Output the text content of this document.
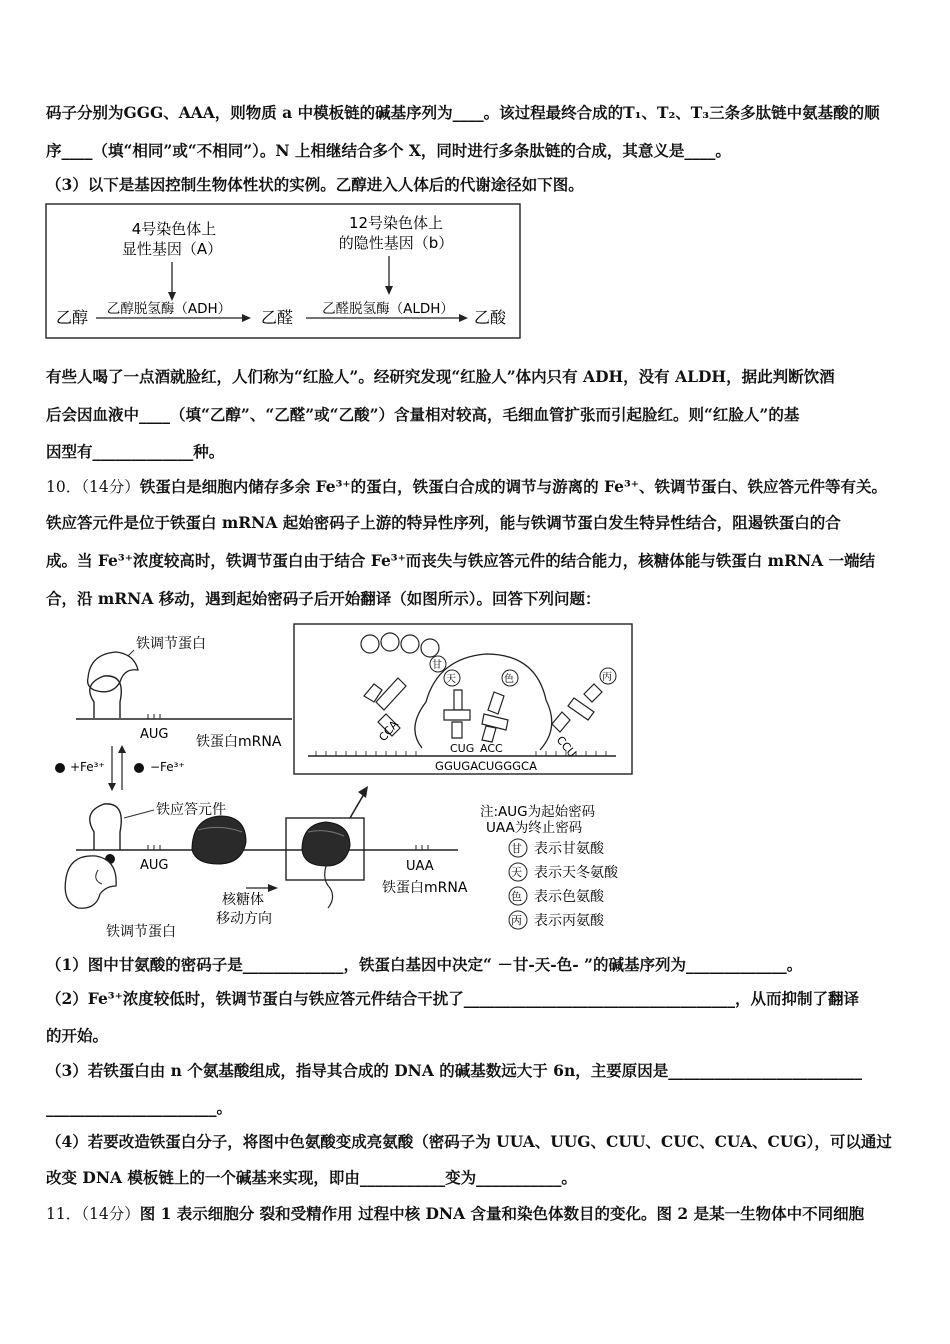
码子分别为GGG、AAA，则物质 a 中模板链的碱基序列为____。该过程最终合成的T₁、T₂、T₃三条多肽链中氨基酸的顺
序____（填“相同”或“不相同”）。N 上相继结合多个 X，同时进行多条肽链的合成，其意义是____。
（3）以下是基因控制生物体性状的实例。乙醇进入人体后的代谢途径如下图。
4号染色体上
显性基因（A）
12号染色体上
的隐性基因（b）
乙醇 乙醇脱氢酶（ADH） 乙醛 乙醛脱氢酶（ALDH） 乙酸
有些人喝了一点酒就脸红，人们称为“红脸人”。经研究发现“红脸人”体内只有 ADH，没有 ALDH，据此判断饮酒
后会因血液中____（填“乙醇”、“乙醛”或“乙酸”）含量相对较高，毛细血管扩张而引起脸红。则“红脸人”的基
因型有_____________种。
10．（14分）铁蛋白是细胞内储存多余 Fe³⁺的蛋白，铁蛋白合成的调节与游离的 Fe³⁺、铁调节蛋白、铁应答元件等有关。
铁应答元件是位于铁蛋白 mRNA 起始密码子上游的特异性序列，能与铁调节蛋白发生特异性结合，阻遏铁蛋白的合
成。当 Fe³⁺浓度较高时，铁调节蛋白由于结合 Fe³⁺而丧失与铁应答元件的结合能力，核糖体能与铁蛋白 mRNA 一端结
合，沿 mRNA 移动，遇到起始密码子后开始翻译（如图所示）。回答下列问题：
铁调节蛋白
AUG 铁蛋白mRNA
+Fe³⁺	−Fe³⁺
铁应答元件
AUG	UAA
铁蛋白mRNA
核糖体
移动方向
铁调节蛋白
CCA
甘
天	色
CUG ACC
丙
CCU
GGUGACUGGGCA
注:AUG为起始密码
UAA为终止密码
甘 表示甘氨酸
天 表示天冬氨酸
色 表示色氨酸
丙 表示丙氨酸
（1）图中甘氨酸的密码子是_____________，铁蛋白基因中决定“ －甘-天-色- ”的碱基序列为_____________。
（2）Fe³⁺浓度较低时，铁调节蛋白与铁应答元件结合干扰了___________________________________，从而抑制了翻译
的开始。
（3）若铁蛋白由 n 个氨基酸组成，指导其合成的 DNA 的碱基数远大于 6n，主要原因是_________________________
______________________。
（4）若要改造铁蛋白分子，将图中色氨酸变成亮氨酸（密码子为 UUA、UUG、CUU、CUC、CUA、CUG），可以通过
改变 DNA 模板链上的一个碱基来实现，即由___________变为___________。
11．（14分）图 1 表示细胞分 裂和受精作用 过程中核 DNA 含量和染色体数目的变化。图 2 是某一生物体中不同细胞
